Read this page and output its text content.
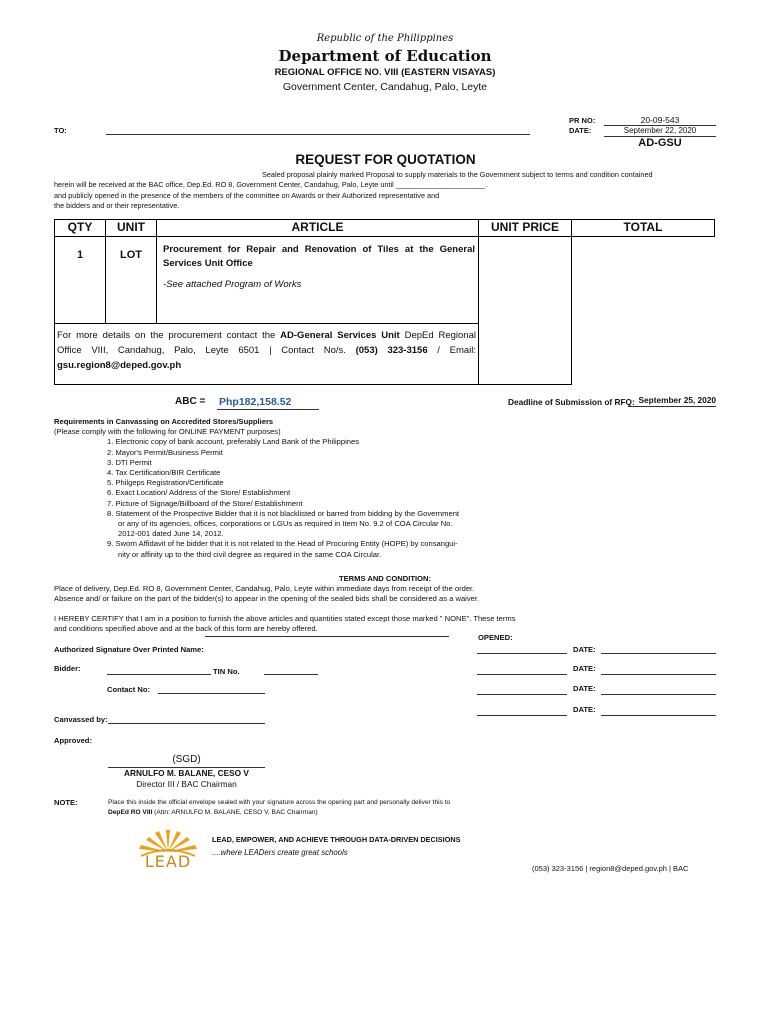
Republic of the Philippines
Department of Education
REGIONAL OFFICE NO. VIII (EASTERN VISAYAS)
Government Center, Candahug, Palo, Leyte
PR NO:	20-09-543
DATE:	September 22, 2020
AD-GSU
TO:
REQUEST FOR QUOTATION
Sealed proposal plainly marked Proposal to supply materials to the Government subject to terms and condition contained
herein will be received at the BAC office, Dep.Ed. RO 8, Government Center, Candahug, Palo, Leyte until ______________________.
and publicly opened in the presence of the members of the committee on Awards or their Authorized representative and
the bidders and or their representative.
QTY	UNIT	ARTICLE	UNIT PRICE	TOTAL
1	LOT	Procurement for Repair and Renovation of Tiles at the General Services Unit Office
-See attached Program of Works		

For more details on the procurement contact the AD-General Services Unit DepEd Regional Office VIII, Candahug, Palo, Leyte 6501 | Contact No/s. (053) 323-3156 / Email: gsu.region8@deped.gov.ph				
ABC = Php182,158.52	Deadline of Submission of RFQ: September 25, 2020
Requirements in Canvassing on Accredited Stores/Suppliers
(Please comply with the following for ONLINE PAYMENT purposes)
1. Electronic copy of bank account, preferably Land Bank of the Philippines
2. Mayor's Permit/Business Permit
3. DTI Permit
4. Tax Certification/BIR Certificate
5. Philgeps Registration/Certificate
6. Exact Location/ Address of the Store/ Establishment
7. Picture of Signage/Billboard of the Store/ Establishment
8. Statement of the Prospective Bidder that it is not blacklisted or barred from bidding by the Government
or any of its agencies, offices, corporations or LGUs as required in Item No. 9.2 of COA Circular No.
2012-001 dated June 14, 2012.
9. Sworn Affidavit of he bidder that it is not related to the Head of Procuring Entity (HOPE) by consangui-
nity or affinity up to the third civil degree as required in the same COA Circular.
TERMS AND CONDITION:
Place of delivery, Dep.Ed. RO 8, Government Center, Candahug, Palo, Leyte within immediate days from receipt of the order.
Absence and/ or failure on the part of the bidder(s) to appear in the opening of the sealed bids shall be considered as a waiver.
I HEREBY CERTIFY that I am in a position to furnish the above articles and quantities stated except those marked " NONE". These terms
and conditions specified above and at the back of this form are hereby offered.
Authorized Signature Over Printed Name:
Bidder:	TIN No.
Contact No:
Canvassed by:
Approved:
OPENED:
DATE:
DATE:
DATE:
DATE:
(SGD)
ARNULFO M. BALANE, CESO V
Director III / BAC Chairman
NOTE:	Place this inside the official envelope sealed with your signature across the opening part and personally deliver this to
DepEd RO VIII (Attn: ARNULFO M. BALANE, CESO V, BAC Chairman)
EMPOWER
LEAD
LEAD, EMPOWER, AND ACHIEVE THROUGH DATA-DRIVEN DECISIONS
....where LEADers create great schools
(053) 323-3156 | region8@deped.gov.ph | BAC
